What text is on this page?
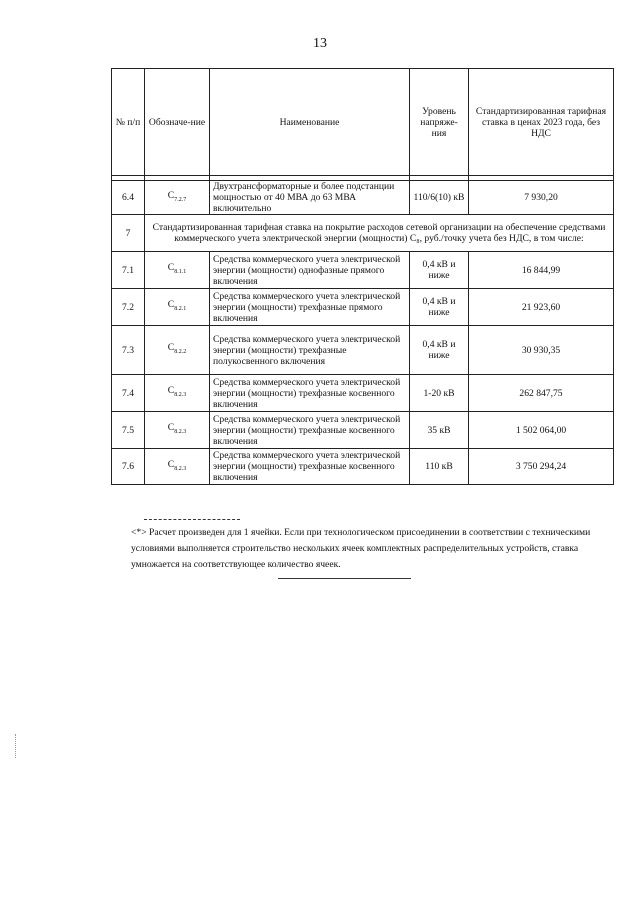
13
№ п/п	Обозначе-ние	Наименование	Уровень напряже-ния	Стандартизированная тарифная ставка в ценах 2023 года, без НДС

6.4	$C_{7.2.7}$	Двухтрансформаторные и более подстанции мощностью от 40 МВА до 63 МВА включительно	110/6(10) кВ	7 930,20
7	Стандартизированная тарифная ставка на покрытие расходов сетевой организации на обеспечение средствами коммерческого учета электрической энергии (мощности) C₈, руб./точку учета без НДС, в том числе:			
7.1	$C_{8.1.1}$	Средства коммерческого учета электрической энергии (мощности) однофазные прямого включения	0,4 кВ и ниже	16 844,99
7.2	$C_{8.2.1}$	Средства коммерческого учета электрической энергии (мощности) трехфазные прямого включения	0,4 кВ и ниже	21 923,60
7.3	$C_{8.2.2}$	Средства коммерческого учета электрической энергии (мощности) трехфазные полукосвенного включения	0,4 кВ и ниже	30 930,35
7.4	$C_{8.2.3}$	Средства коммерческого учета электрической энергии (мощности) трехфазные косвенного включения	1-20 кВ	262 847,75
7.5	$C_{8.2.3}$	Средства коммерческого учета электрической энергии (мощности) трехфазные косвенного включения	35 кВ	1 502 064,00
7.6	$C_{8.2.3}$	Средства коммерческого учета электрической энергии (мощности) трехфазные косвенного включения	110 кВ	3 750 294,24
<*> Расчет произведен для 1 ячейки. Если при технологическом присоединении в соответствии с техническими условиями выполняется строительство нескольких ячеек комплектных распределительных устройств, ставка умножается на соответствующее количество ячеек.
